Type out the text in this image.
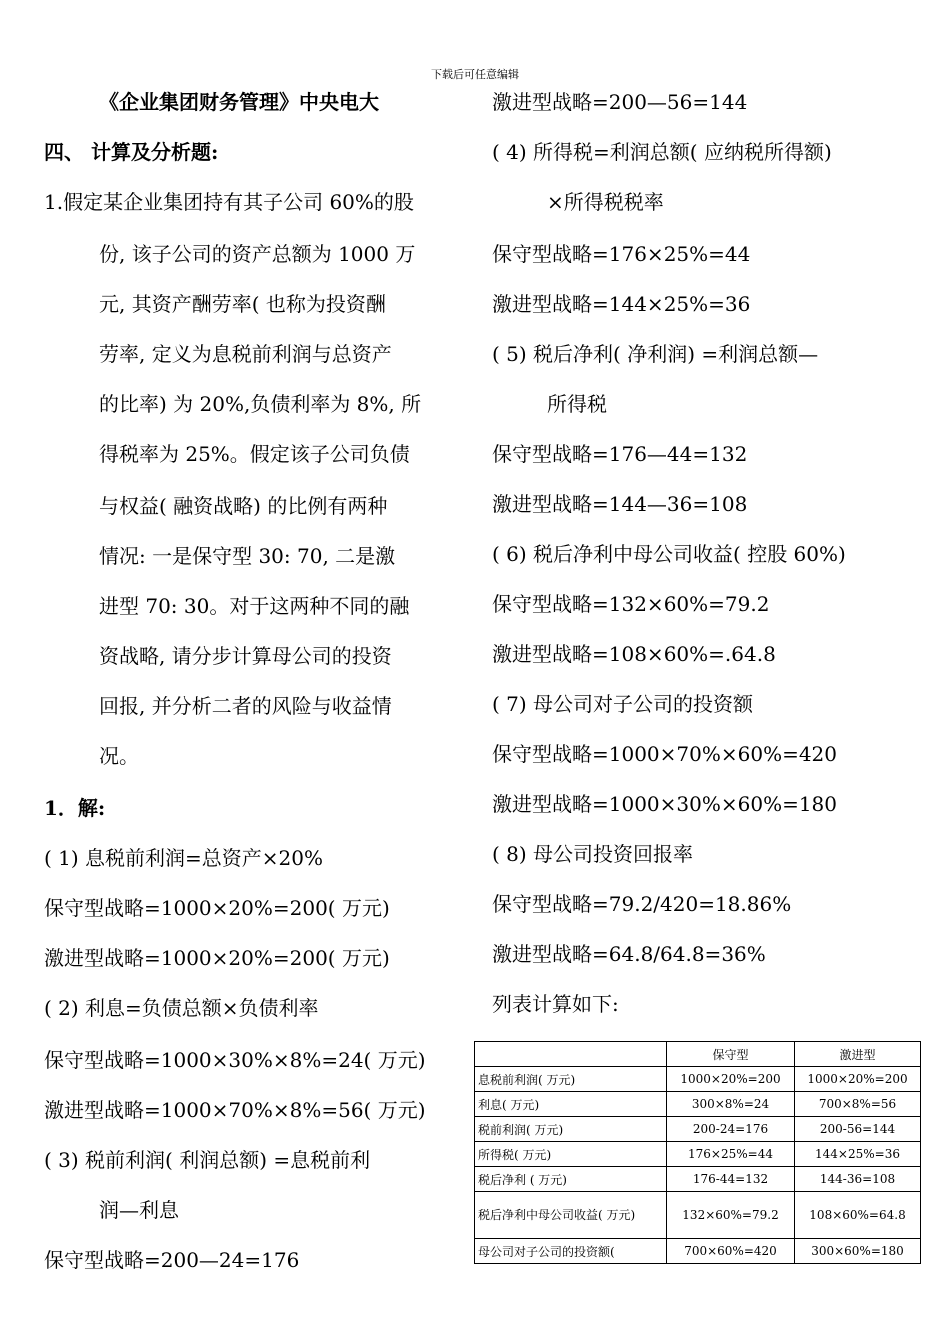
下载后可任意编辑
《企业集团财务管理》中央电大
四、 计算及分析题:
1.假定某企业集团持有其子公司 60%的股
份, 该子公司的资产总额为 1000 万
元, 其资产酬劳率( 也称为投资酬
劳率, 定义为息税前利润与总资产
的比率) 为 20%,负债利率为 8%, 所
得税率为 25%。假定该子公司负债
与权益( 融资战略) 的比例有两种
情况: 一是保守型 30: 70, 二是激
进型 70: 30。对于这两种不同的融
资战略, 请分步计算母公司的投资
回报, 并分析二者的风险与收益情
况。
1．解:
( 1) 息税前利润=总资产×20%
保守型战略=1000×20%=200( 万元)
激进型战略=1000×20%=200( 万元)
( 2) 利息=负债总额×负债利率
保守型战略=1000×30%×8%=24( 万元)
激进型战略=1000×70%×8%=56( 万元)
( 3) 税前利润( 利润总额) =息税前利
润—利息
保守型战略=200—24=176
激进型战略=200—56=144
( 4) 所得税=利润总额( 应纳税所得额)
×所得税税率
保守型战略=176×25%=44
激进型战略=144×25%=36
( 5) 税后净利( 净利润) =利润总额—
所得税
保守型战略=176—44=132
激进型战略=144—36=108
( 6) 税后净利中母公司收益( 控股 60%)
保守型战略=132×60%=79.2
激进型战略=108×60%=.64.8
( 7) 母公司对子公司的投资额
保守型战略=1000×70%×60%=420
激进型战略=1000×30%×60%=180
( 8) 母公司投资回报率
保守型战略=79.2/420=18.86%
激进型战略=64.8/64.8=36%
列表计算如下:
	保守型	激进型
息税前利润( 万元)	1000×20%=200	1000×20%=200
利息( 万元)	300×8%=24	700×8%=56
税前利润( 万元)	200-24=176	200-56=144
所得税( 万元)	176×25%=44	144×25%=36
税后净利 ( 万元)	176-44=132	144-36=108
税后净利中母公司收益( 万元)	132×60%=79.2	108×60%=64.8
母公司对子公司的投资额(	700×60%=420	300×60%=180
